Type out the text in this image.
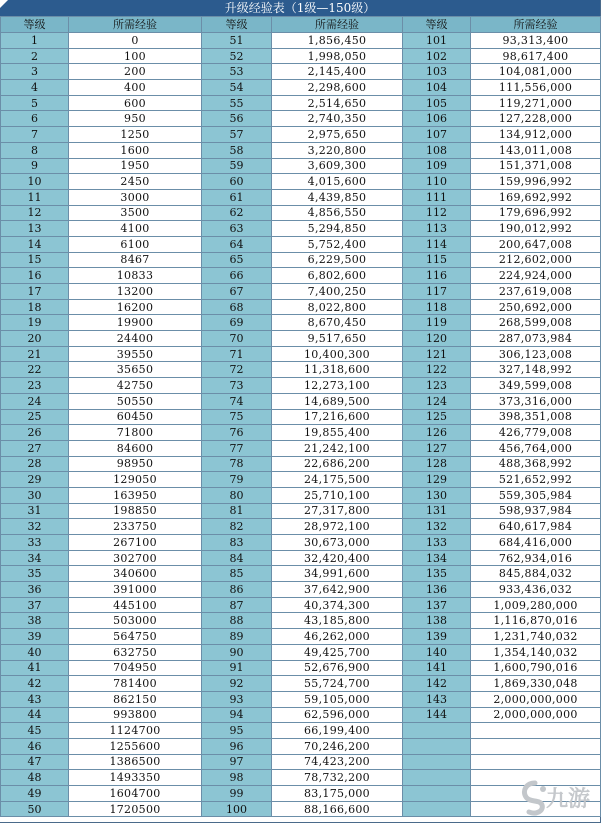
升级经验表（1级—150级）
等级	所需经验	等级	所需经验	等级	所需经验
1	0	51	1,856,450	101	93,313,400
2	100	52	1,998,050	102	98,617,400
3	200	53	2,145,400	103	104,081,000
4	400	54	2,298,600	104	111,556,000
5	600	55	2,514,650	105	119,271,000
6	950	56	2,740,350	106	127,228,000
7	1250	57	2,975,650	107	134,912,000
8	1600	58	3,220,800	108	143,011,008
9	1950	59	3,609,300	109	151,371,008
10	2450	60	4,015,600	110	159,996,992
11	3000	61	4,439,850	111	169,692,992
12	3500	62	4,856,550	112	179,696,992
13	4100	63	5,294,850	113	190,012,992
14	6100	64	5,752,400	114	200,647,008
15	8467	65	6,229,500	115	212,602,000
16	10833	66	6,802,600	116	224,924,000
17	13200	67	7,400,250	117	237,619,008
18	16200	68	8,022,800	118	250,692,000
19	19900	69	8,670,450	119	268,599,008
20	24400	70	9,517,650	120	287,073,984
21	39550	71	10,400,300	121	306,123,008
22	35650	72	11,318,600	122	327,148,992
23	42750	73	12,273,100	123	349,599,008
24	50550	74	14,689,500	124	373,316,000
25	60450	75	17,216,600	125	398,351,008
26	71800	76	19,855,400	126	426,779,008
27	84600	77	21,242,100	127	456,764,000
28	98950	78	22,686,200	128	488,368,992
29	129050	79	24,175,500	129	521,652,992
30	163950	80	25,710,100	130	559,305,984
31	198850	81	27,317,800	131	598,937,984
32	233750	82	28,972,100	132	640,617,984
33	267100	83	30,673,000	133	684,416,000
34	302700	84	32,420,400	134	762,934,016
35	340600	85	34,991,600	135	845,884,032
36	391000	86	37,642,900	136	933,436,032
37	445100	87	40,374,300	137	1,009,280,000
38	503000	88	43,185,800	138	1,116,870,016
39	564750	89	46,262,000	139	1,231,740,032
40	632750	90	49,425,700	140	1,354,140,032
41	704950	91	52,676,900	141	1,600,790,016
42	781400	92	55,724,700	142	1,869,330,048
43	862150	93	59,105,000	143	2,000,000,000
44	993800	94	62,596,000	144	2,000,000,000
45	1124700	95	66,199,400		
46	1255600	96	70,246,200		
47	1386500	97	74,423,200		
48	1493350	98	78,732,200		
49	1604700	99	83,175,000		
50	1720500	100	88,166,600			九游
